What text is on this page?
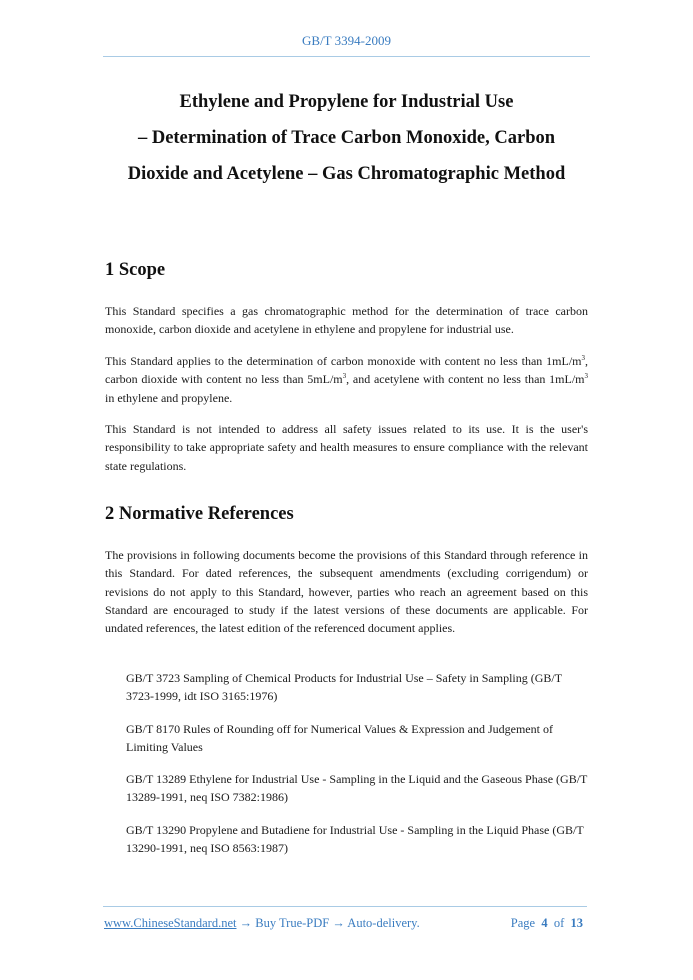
GB/T 3394-2009
Ethylene and Propylene for Industrial Use
– Determination of Trace Carbon Monoxide, Carbon
Dioxide and Acetylene – Gas Chromatographic Method
1 Scope

This Standard specifies a gas chromatographic method for the determination of trace carbon monoxide, carbon dioxide and acetylene in ethylene and propylene for industrial use.

This Standard applies to the determination of carbon monoxide with content no less than $1mL/m^3$, carbon dioxide with content no less than $5mL/m^3$, and acetylene with content no less than $1mL/m^3$ in ethylene and propylene.

This Standard is not intended to address all safety issues related to its use. It is the user's responsibility to take appropriate safety and health measures to ensure compliance with the relevant state regulations.

2 Normative References

The provisions in following documents become the provisions of this Standard through reference in this Standard. For dated references, the subsequent amendments (excluding corrigendum) or revisions do not apply to this Standard, however, parties who reach an agreement based on this Standard are encouraged to study if the latest versions of these documents are applicable. For undated references, the latest edition of the referenced document applies.

GB/T 3723 Sampling of Chemical Products for Industrial Use – Safety in Sampling (GB/T 3723-1999, idt ISO 3165:1976)

GB/T 8170 Rules of Rounding off for Numerical Values & Expression and Judgement of Limiting Values

GB/T 13289 Ethylene for Industrial Use - Sampling in the Liquid and the Gaseous Phase (GB/T 13289-1991, neq ISO 7382:1986)

GB/T 13290 Propylene and Butadiene for Industrial Use - Sampling in the Liquid Phase (GB/T 13290-1991, neq ISO 8563:1987)

www.ChineseStandard.net → Buy True-PDF → Auto-delivery.	Page 4 of 13
